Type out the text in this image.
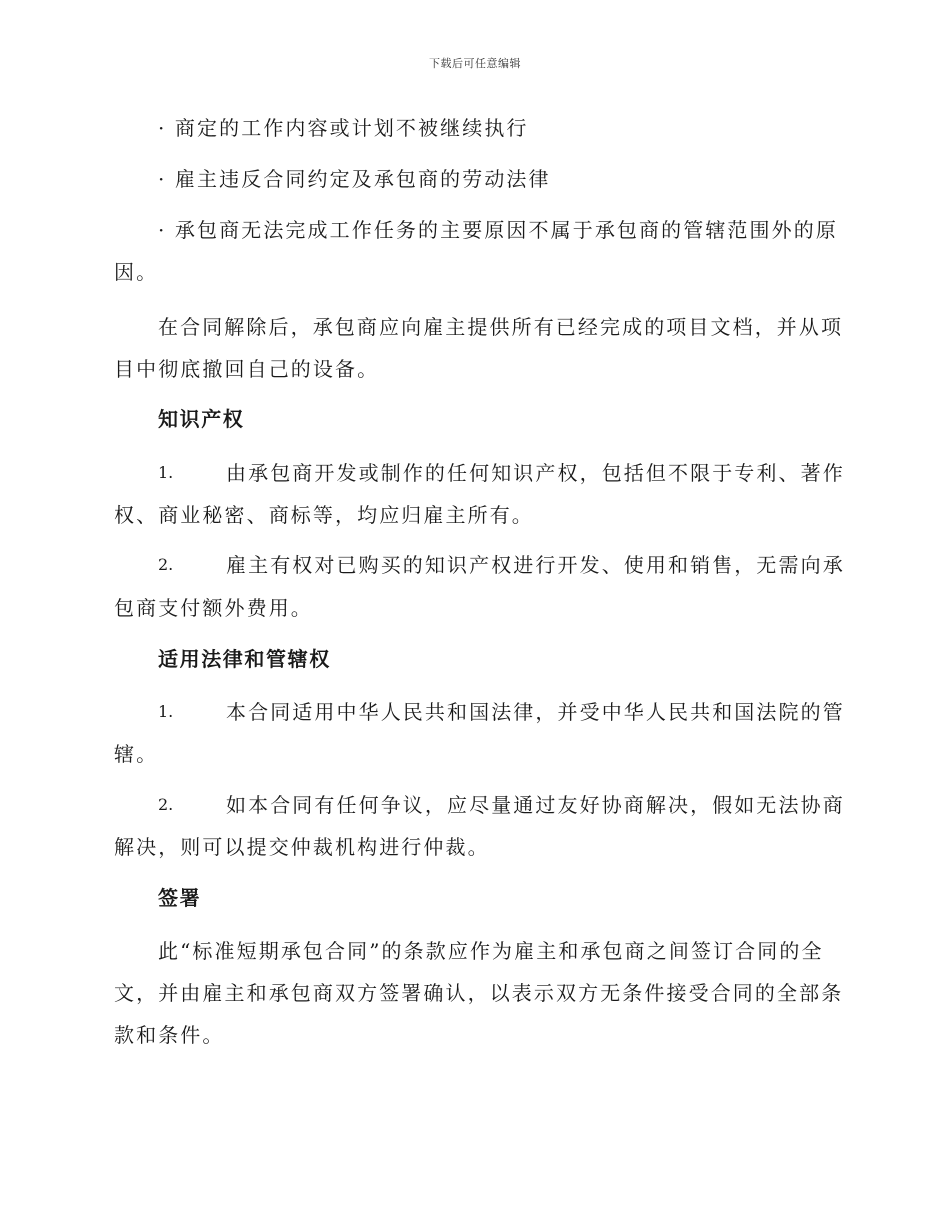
下载后可任意编辑
· 商定的工作内容或计划不被继续执行
· 雇主违反合同约定及承包商的劳动法律
· 承包商无法完成工作任务的主要原因不属于承包商的管辖范围外的原
因。
在合同解除后，承包商应向雇主提供所有已经完成的项目文档，并从项
目中彻底撤回自己的设备。
知识产权
1.	由承包商开发或制作的任何知识产权，包括但不限于专利、著作
权、商业秘密、商标等，均应归雇主所有。
2.	雇主有权对已购买的知识产权进行开发、使用和销售，无需向承
包商支付额外费用。
适用法律和管辖权
1.	本合同适用中华人民共和国法律，并受中华人民共和国法院的管
辖。
2.	如本合同有任何争议，应尽量通过友好协商解决，假如无法协商
解决，则可以提交仲裁机构进行仲裁。
签署
此“标准短期承包合同”的条款应作为雇主和承包商之间签订合同的全
文，并由雇主和承包商双方签署确认，以表示双方无条件接受合同的全部条
款和条件。
